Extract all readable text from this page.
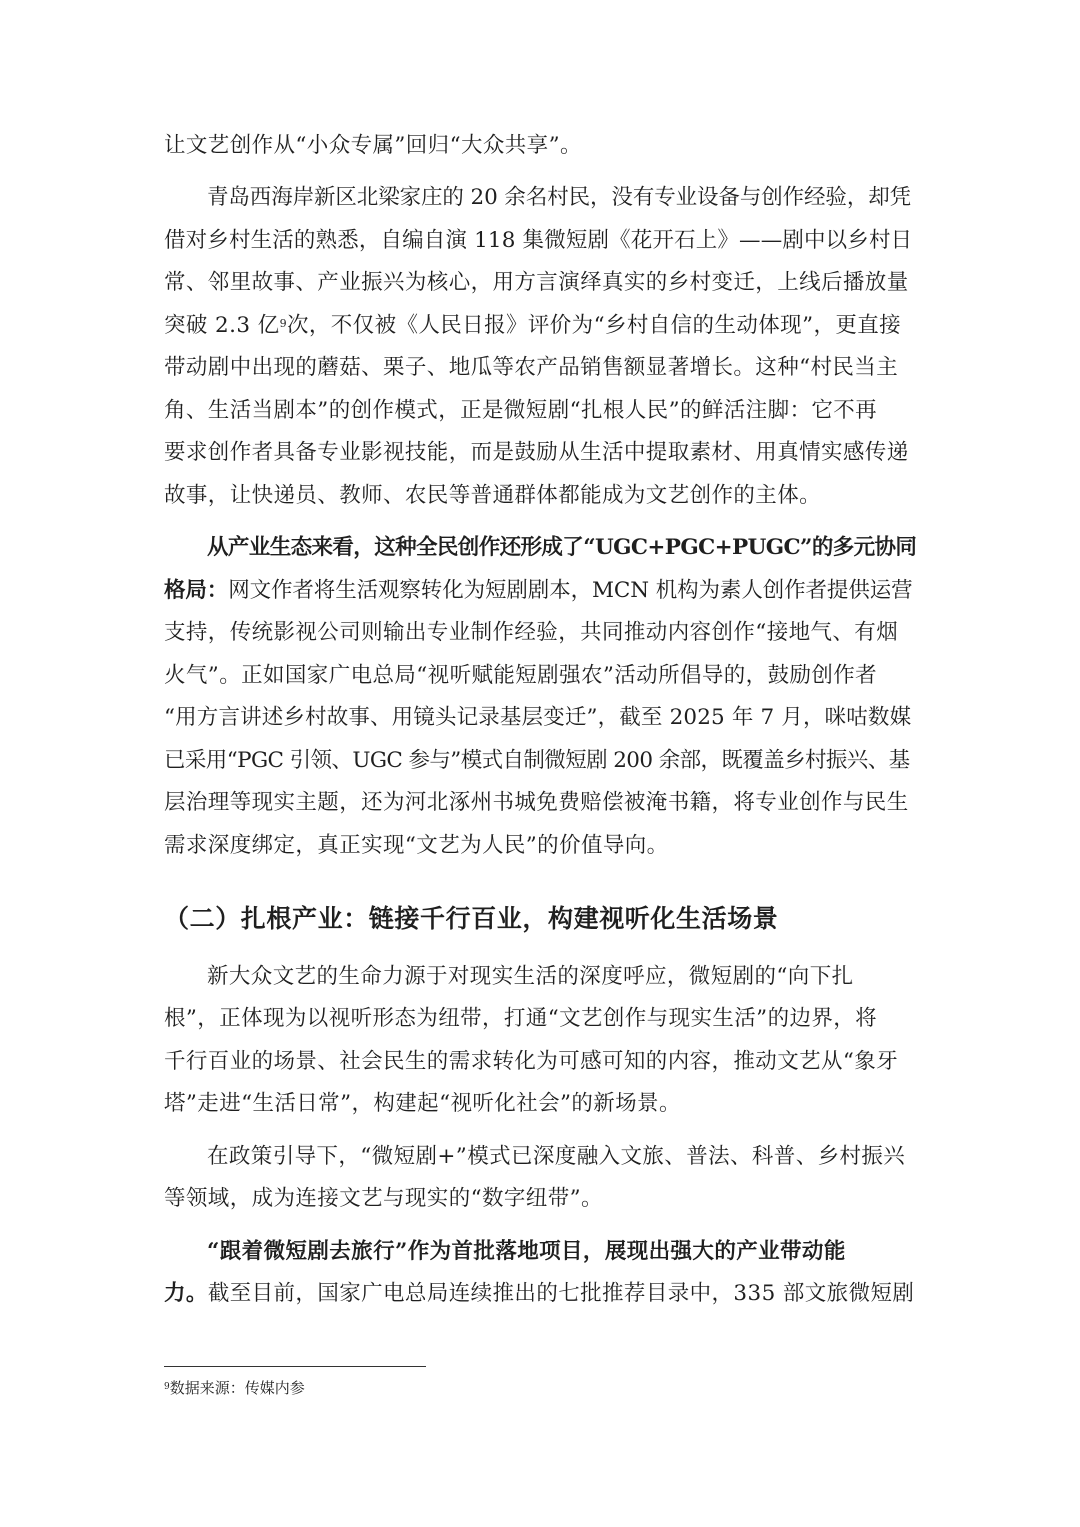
让文艺创作从“小众专属”回归“大众共享”。
青岛西海岸新区北梁家庄的 20 余名村民，没有专业设备与创作经验，却凭
借对乡村生活的熟悉，自编自演 118 集微短剧《花开石上》——剧中以乡村日
常、邻里故事、产业振兴为核心，用方言演绎真实的乡村变迁，上线后播放量
突破 2.3 亿$^9$次，不仅被《人民日报》评价为“乡村自信的生动体现”，更直接
带动剧中出现的蘑菇、栗子、地瓜等农产品销售额显著增长。这种“村民当主
角、生活当剧本”的创作模式，正是微短剧“扎根人民”的鲜活注脚：它不再
要求创作者具备专业影视技能，而是鼓励从生活中提取素材、用真情实感传递
故事，让快递员、教师、农民等普通群体都能成为文艺创作的主体。
从产业生态来看，这种全民创作还形成了“UGC+PGC+PUGC”的多元协同
格局：网文作者将生活观察转化为短剧剧本，MCN 机构为素人创作者提供运营
支持，传统影视公司则输出专业制作经验，共同推动内容创作“接地气、有烟
火气”。正如国家广电总局“视听赋能短剧强农”活动所倡导的，鼓励创作者
“用方言讲述乡村故事、用镜头记录基层变迁”，截至 2025 年 7 月，咪咕数媒
已采用“PGC 引领、UGC 参与”模式自制微短剧 200 余部，既覆盖乡村振兴、基
层治理等现实主题，还为河北涿州书城免费赔偿被淹书籍，将专业创作与民生
需求深度绑定，真正实现“文艺为人民”的价值导向。
（二）扎根产业：链接千行百业，构建视听化生活场景
新大众文艺的生命力源于对现实生活的深度呼应，微短剧的“向下扎
根”，正体现为以视听形态为纽带，打通“文艺创作与现实生活”的边界，将
千行百业的场景、社会民生的需求转化为可感可知的内容，推动文艺从“象牙
塔”走进“生活日常”，构建起“视听化社会”的新场景。
在政策引导下，“微短剧+”模式已深度融入文旅、普法、科普、乡村振兴
等领域，成为连接文艺与现实的“数字纽带”。
“跟着微短剧去旅行”作为首批落地项目，展现出强大的产业带动能
力。截至目前，国家广电总局连续推出的七批推荐目录中，335 部文旅微短剧
$^9$数据来源：传媒内参
